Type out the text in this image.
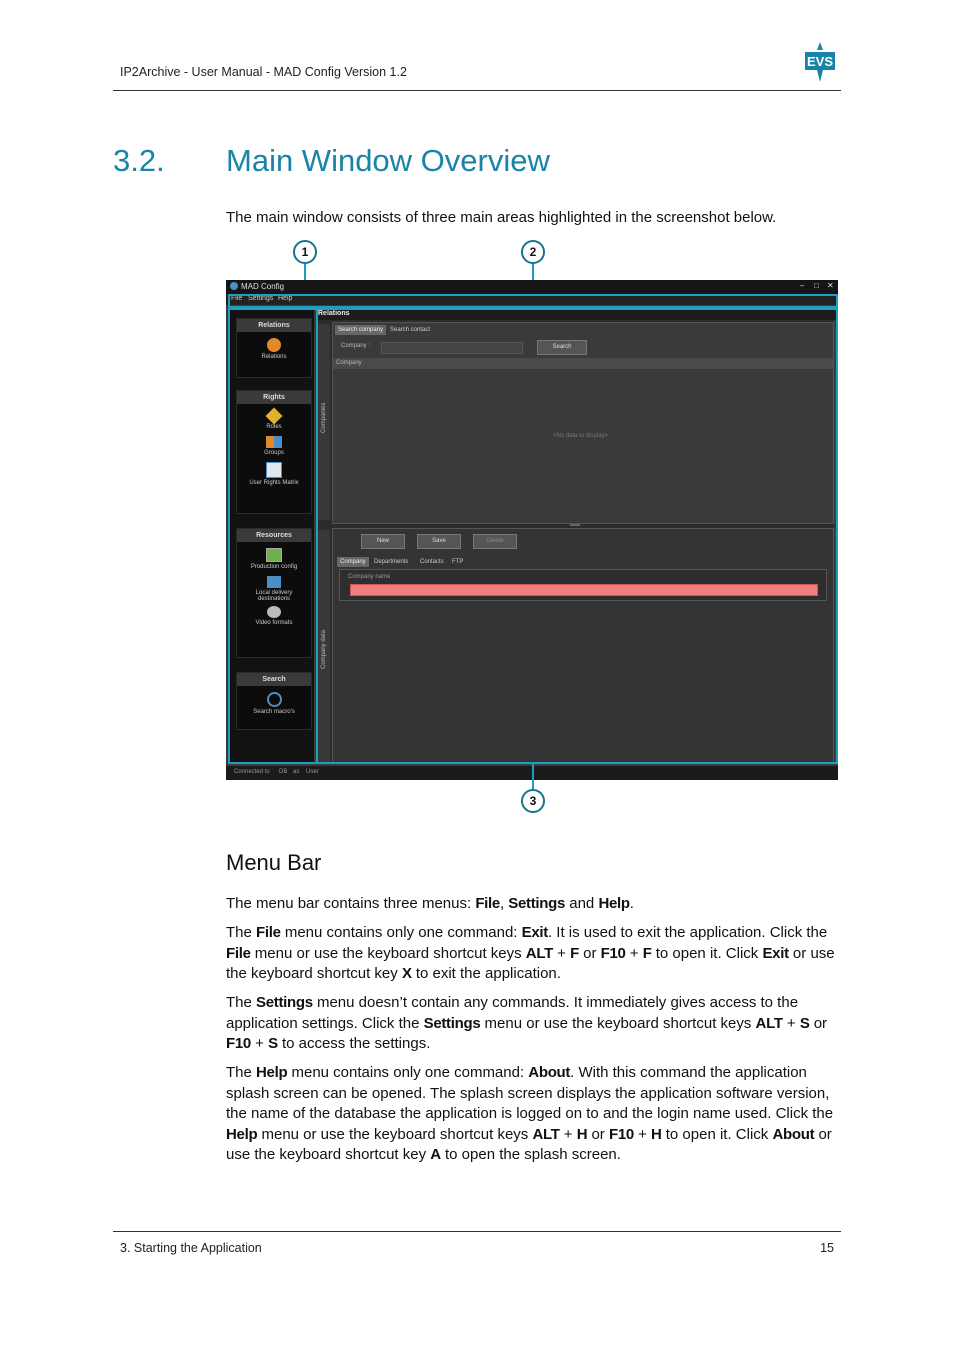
IP2Archive - User Manual - MAD Config Version 1.2
EVS
3.2. Main Window Overview
The main window consists of three main areas highlighted in the screenshot below.
1	2
MAD Config	– □ ✕
File Settings Help
Relations
Relations
Rights
Roles
Groups
User Rights Matrix
Resources
Production config
Local delivery destinations
Video formats
Search
Search macro's
Relations
Companies
Search company	Search contact
Company :	Search
Company
<No data to display>
Company data
New	Save	Delete
Company	Departments	Contacts	FTP
Company name
Connected to DB as User
3
Menu Bar

The menu bar contains three menus: File, Settings and Help.

The File menu contains only one command: Exit. It is used to exit the application. Click the File menu or use the keyboard shortcut keys ALT + F or F10 + F to open it. Click Exit or use the keyboard shortcut key X to exit the application.

The Settings menu doesn’t contain any commands. It immediately gives access to the application settings. Click the Settings menu or use the keyboard shortcut keys ALT + S or F10 + S to access the settings.

The Help menu contains only one command: About. With this command the application splash screen can be opened. The splash screen displays the application software version, the name of the database the application is logged on to and the login name used. Click the Help menu or use the keyboard shortcut keys ALT + H or F10 + H to open it. Click About or use the keyboard shortcut key A to open the splash screen.

3. Starting the Application	15
